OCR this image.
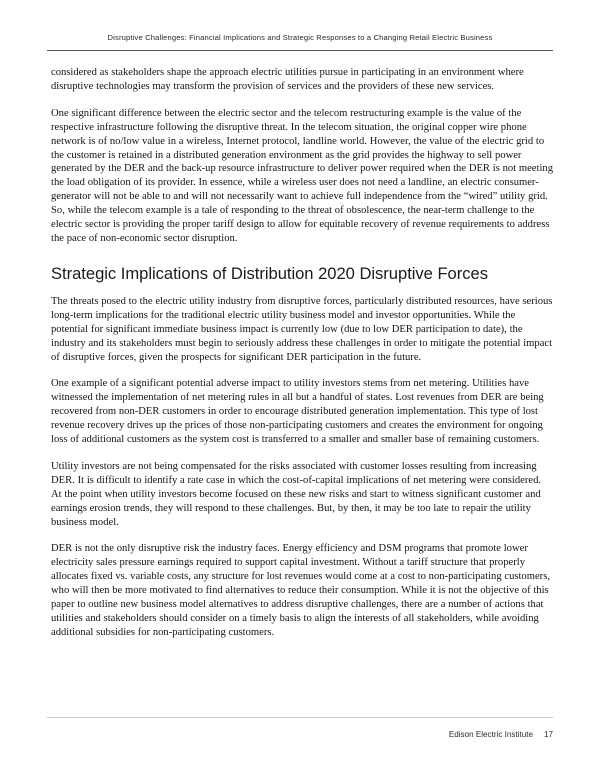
Disruptive Challenges: Financial Implications and Strategic Responses to a Changing Retail Electric Business

considered as stakeholders shape the approach electric utilities pursue in participating in an environment where disruptive technologies may transform the provision of services and the providers of these new services.

One significant difference between the electric sector and the telecom restructuring example is the value of the respective infrastructure following the disruptive threat. In the telecom situation, the original copper wire phone network is of no/low value in a wireless, Internet protocol, landline world. However, the value of the electric grid to the customer is retained in a distributed generation environment as the grid provides the highway to sell power generated by the DER and the back-up resource infrastructure to deliver power required when the DER is not meeting the load obligation of its provider. In essence, while a wireless user does not need a landline, an electric consumer-generator will not be able to and will not necessarily want to achieve full independence from the “wired” utility grid. So, while the telecom example is a tale of responding to the threat of obsolescence, the near-term challenge to the electric sector is providing the proper tariff design to allow for equitable recovery of revenue requirements to address the pace of non-economic sector disruption.

Strategic Implications of Distribution 2020 Disruptive Forces

The threats posed to the electric utility industry from disruptive forces, particularly distributed resources, have serious long-term implications for the traditional electric utility business model and investor opportunities. While the potential for significant immediate business impact is currently low (due to low DER participation to date), the industry and its stakeholders must begin to seriously address these challenges in order to mitigate the potential impact of disruptive forces, given the prospects for significant DER participation in the future.

One example of a significant potential adverse impact to utility investors stems from net metering. Utilities have witnessed the implementation of net metering rules in all but a handful of states. Lost revenues from DER are being recovered from non-DER customers in order to encourage distributed generation implementation. This type of lost revenue recovery drives up the prices of those non-participating customers and creates the environment for ongoing loss of additional customers as the system cost is transferred to a smaller and smaller base of remaining customers.

Utility investors are not being compensated for the risks associated with customer losses resulting from increasing DER. It is difficult to identify a rate case in which the cost-of-capital implications of net metering were considered. At the point when utility investors become focused on these new risks and start to witness significant customer and earnings erosion trends, they will respond to these challenges. But, by then, it may be too late to repair the utility business model.

DER is not the only disruptive risk the industry faces. Energy efficiency and DSM programs that promote lower electricity sales pressure earnings required to support capital investment. Without a tariff structure that properly allocates fixed vs. variable costs, any structure for lost revenues would come at a cost to non-participating customers, who will then be more motivated to find alternatives to reduce their consumption. While it is not the objective of this paper to outline new business model alternatives to address disruptive challenges, there are a number of actions that utilities and stakeholders should consider on a timely basis to align the interests of all stakeholders, while avoiding additional subsidies for non-participating customers.

Edison Electric Institute 17
